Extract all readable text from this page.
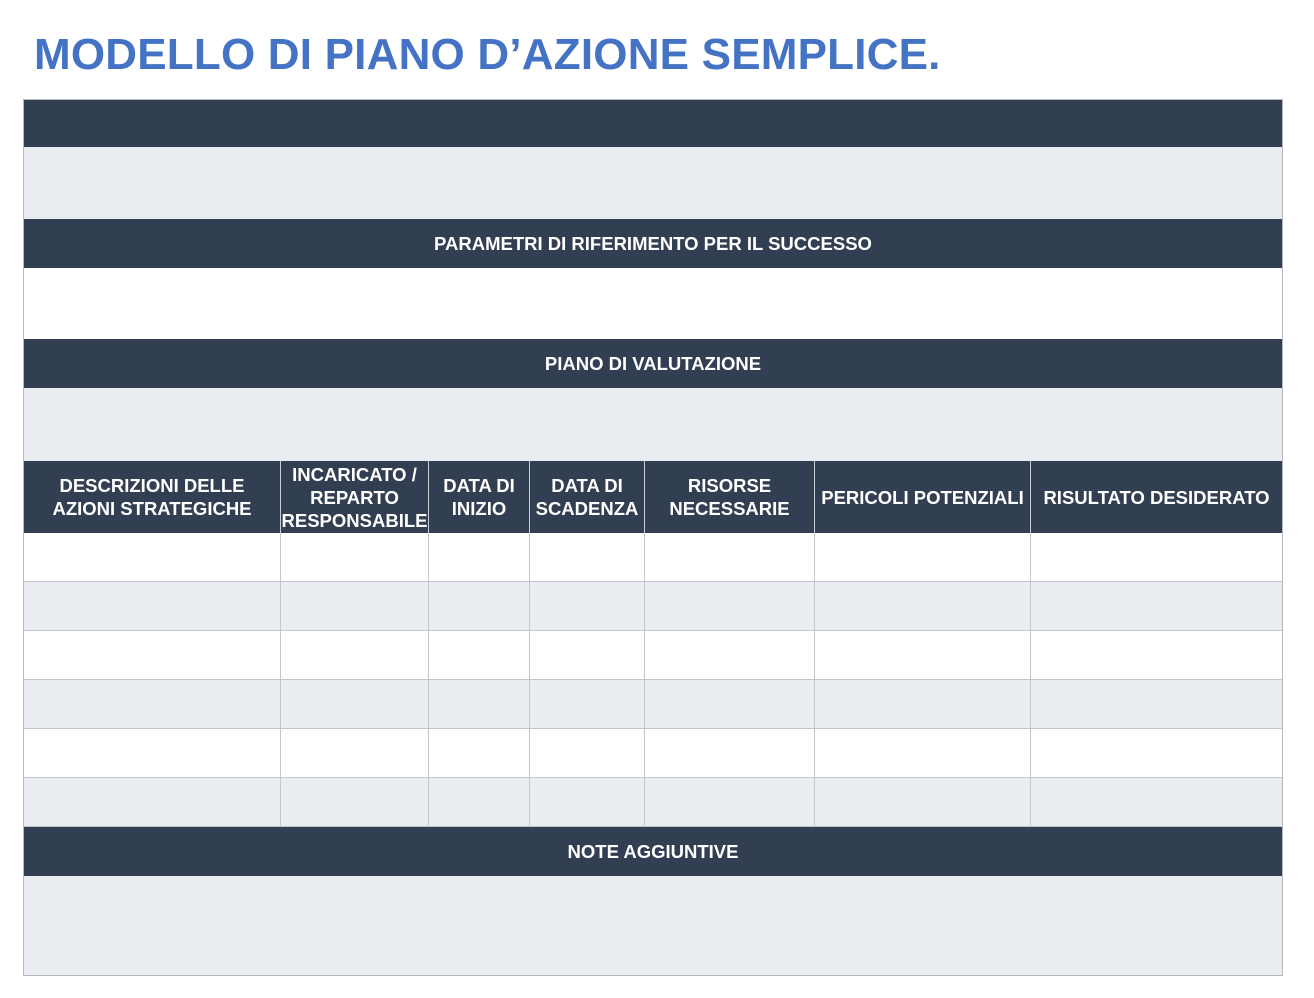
MODELLO DI PIANO D’AZIONE SEMPLICE.
PARAMETRI DI RIFERIMENTO PER IL SUCCESSO
PIANO DI VALUTAZIONE
DESCRIZIONI DELLE AZIONI STRATEGICHE
INCARICATO / REPARTO RESPONSABILE
DATA DI INIZIO
DATA DI SCADENZA
RISORSE NECESSARIE
PERICOLI POTENZIALI	RISULTATO DESIDERATO
NOTE AGGIUNTIVE
